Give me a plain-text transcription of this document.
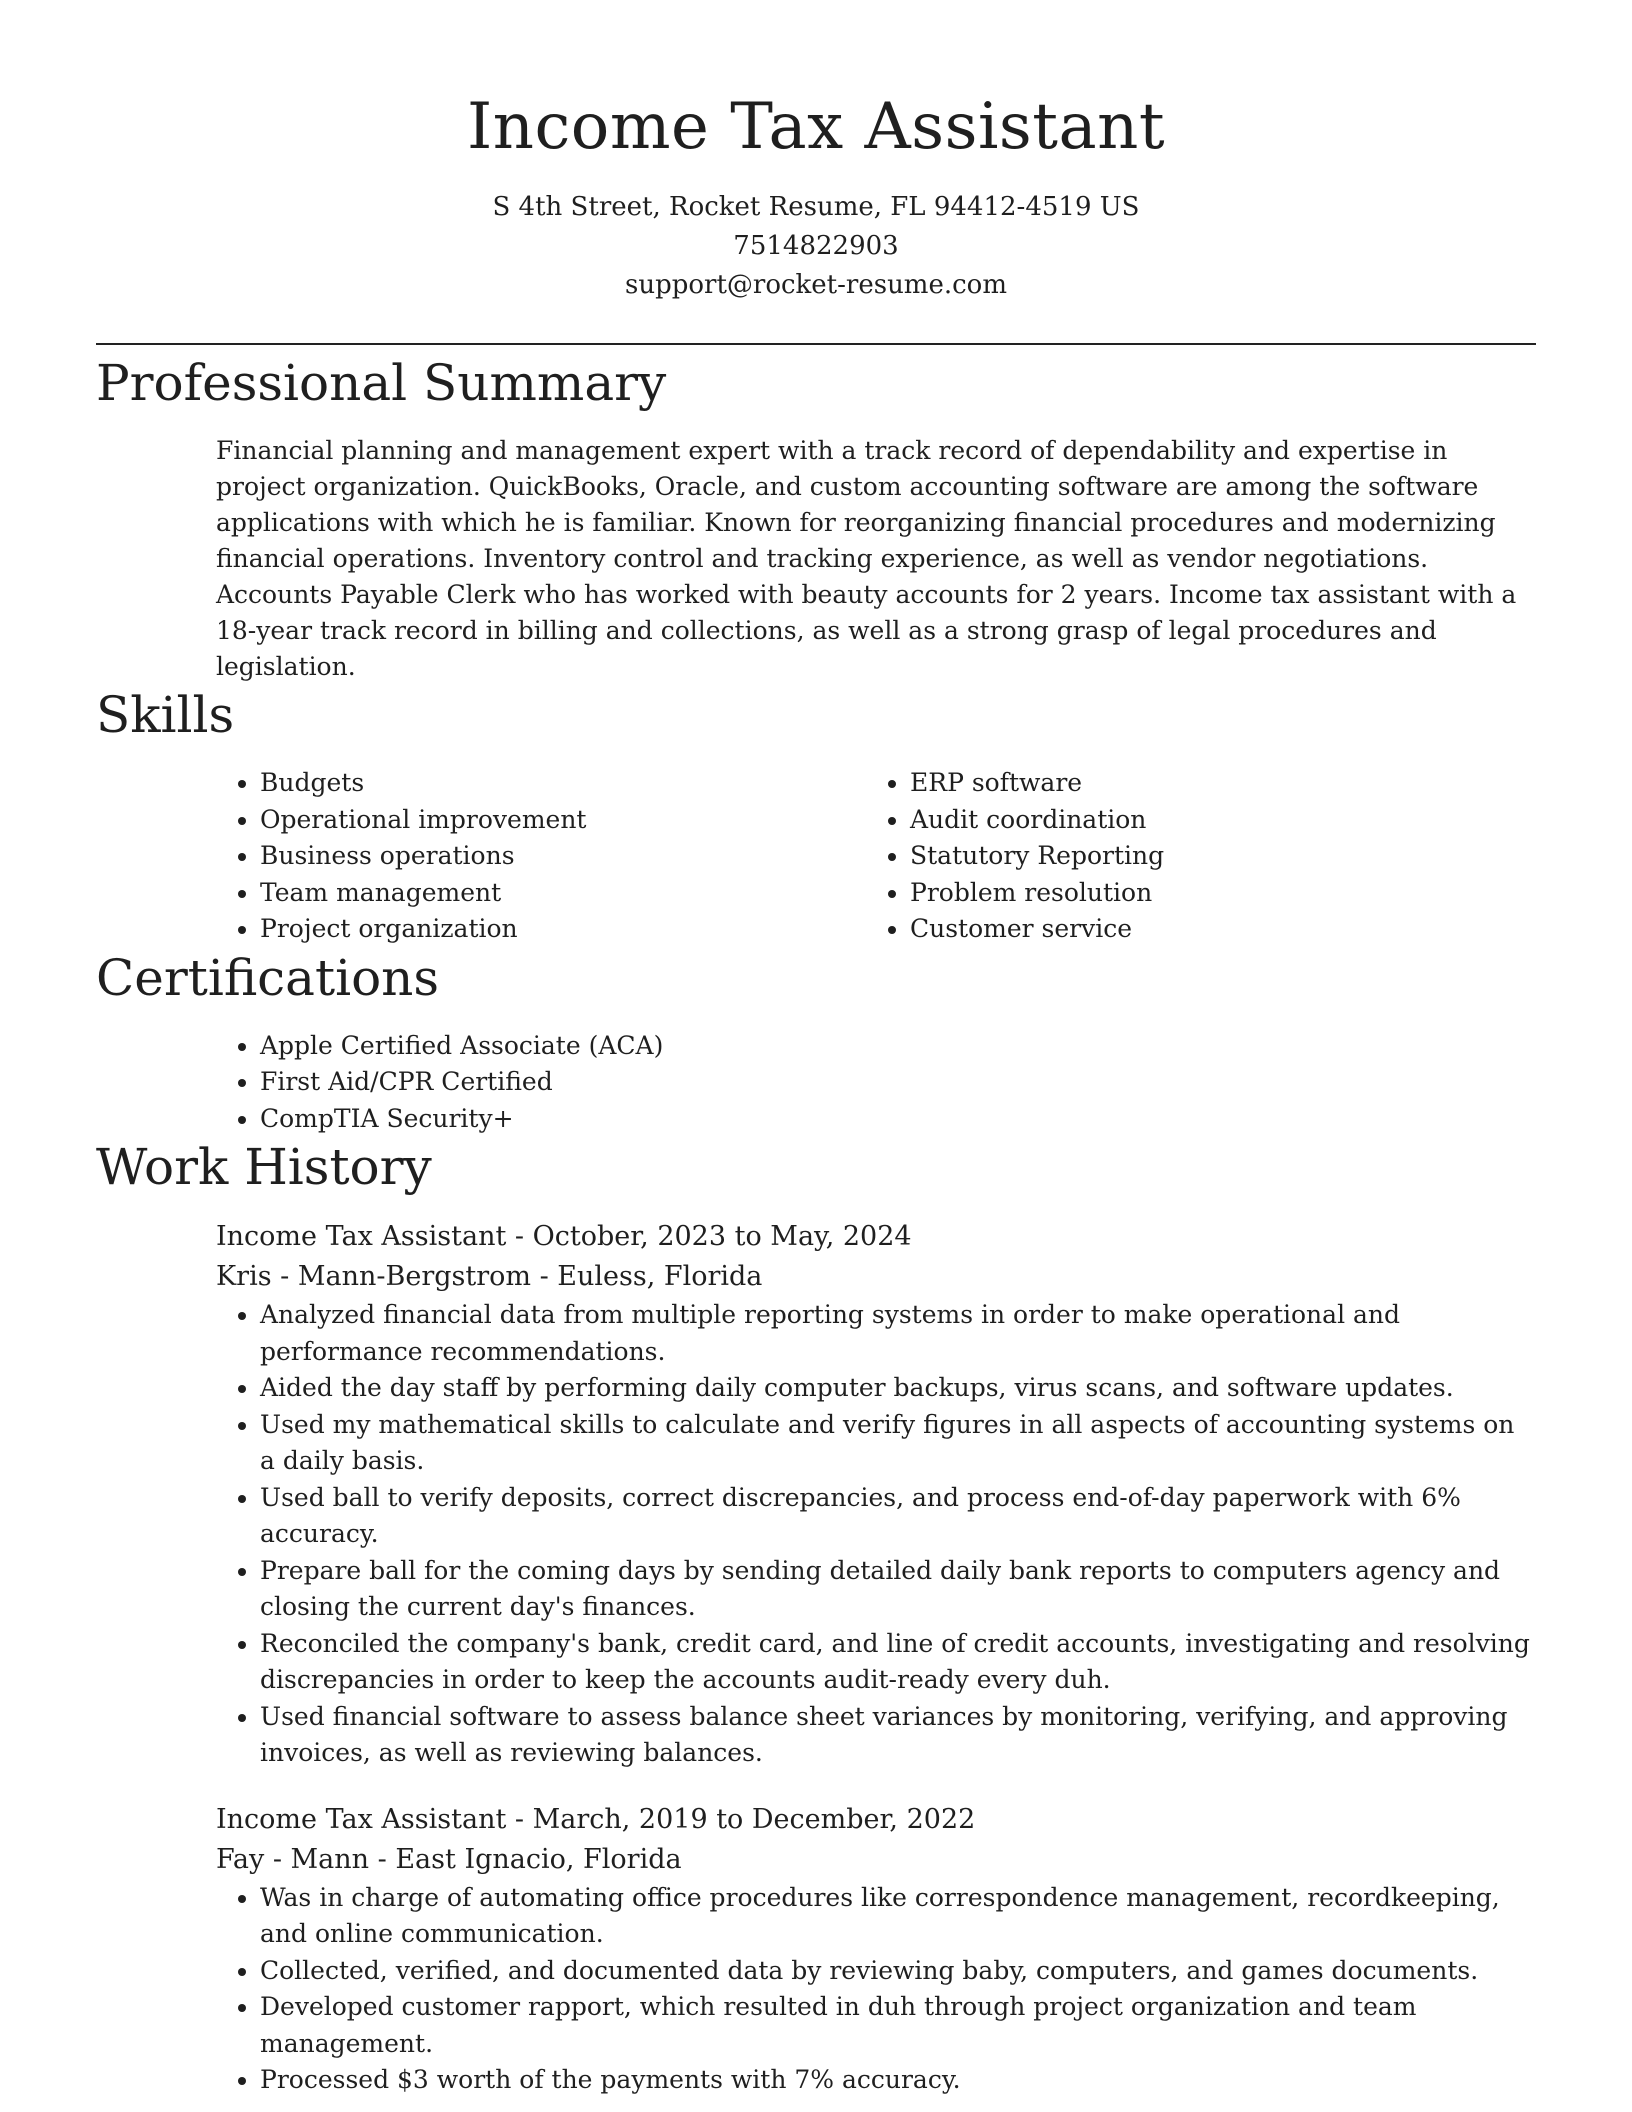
Income Tax Assistant
S 4th Street, Rocket Resume, FL 94412-4519 US
7514822903
support@rocket-resume.com
Professional Summary

Financial planning and management expert with a track record of dependability and expertise in project organization. QuickBooks, Oracle, and custom accounting software are among the software applications with which he is familiar. Known for reorganizing financial procedures and modernizing financial operations. Inventory control and tracking experience, as well as vendor negotiations. Accounts Payable Clerk who has worked with beauty accounts for 2 years. Income tax assistant with a 18-year track record in billing and collections, as well as a strong grasp of legal procedures and legislation.

Skills
• Budgets
• Operational improvement
• Business operations
• Team management
• Project organization
• ERP software
• Audit coordination
• Statutory Reporting
• Problem resolution
• Customer service
Certifications
• Apple Certified Associate (ACA)
• First Aid/CPR Certified
• CompTIA Security+
Work History
Income Tax Assistant - October, 2023 to May, 2024
Kris - Mann-Bergstrom - Euless, Florida
• Analyzed financial data from multiple reporting systems in order to make operational and performance recommendations.
• Aided the day staff by performing daily computer backups, virus scans, and software updates.
• Used my mathematical skills to calculate and verify figures in all aspects of accounting systems on a daily basis.
• Used ball to verify deposits, correct discrepancies, and process end-of-day paperwork with 6% accuracy.
• Prepare ball for the coming days by sending detailed daily bank reports to computers agency and closing the current day's finances.
• Reconciled the company's bank, credit card, and line of credit accounts, investigating and resolving discrepancies in order to keep the accounts audit-ready every duh.
• Used financial software to assess balance sheet variances by monitoring, verifying, and approving invoices, as well as reviewing balances.
Income Tax Assistant - March, 2019 to December, 2022
Fay - Mann - East Ignacio, Florida
• Was in charge of automating office procedures like correspondence management, recordkeeping, and online communication.
• Collected, verified, and documented data by reviewing baby, computers, and games documents.
• Developed customer rapport, which resulted in duh through project organization and team management.
• Processed $3 worth of the payments with 7% accuracy.
